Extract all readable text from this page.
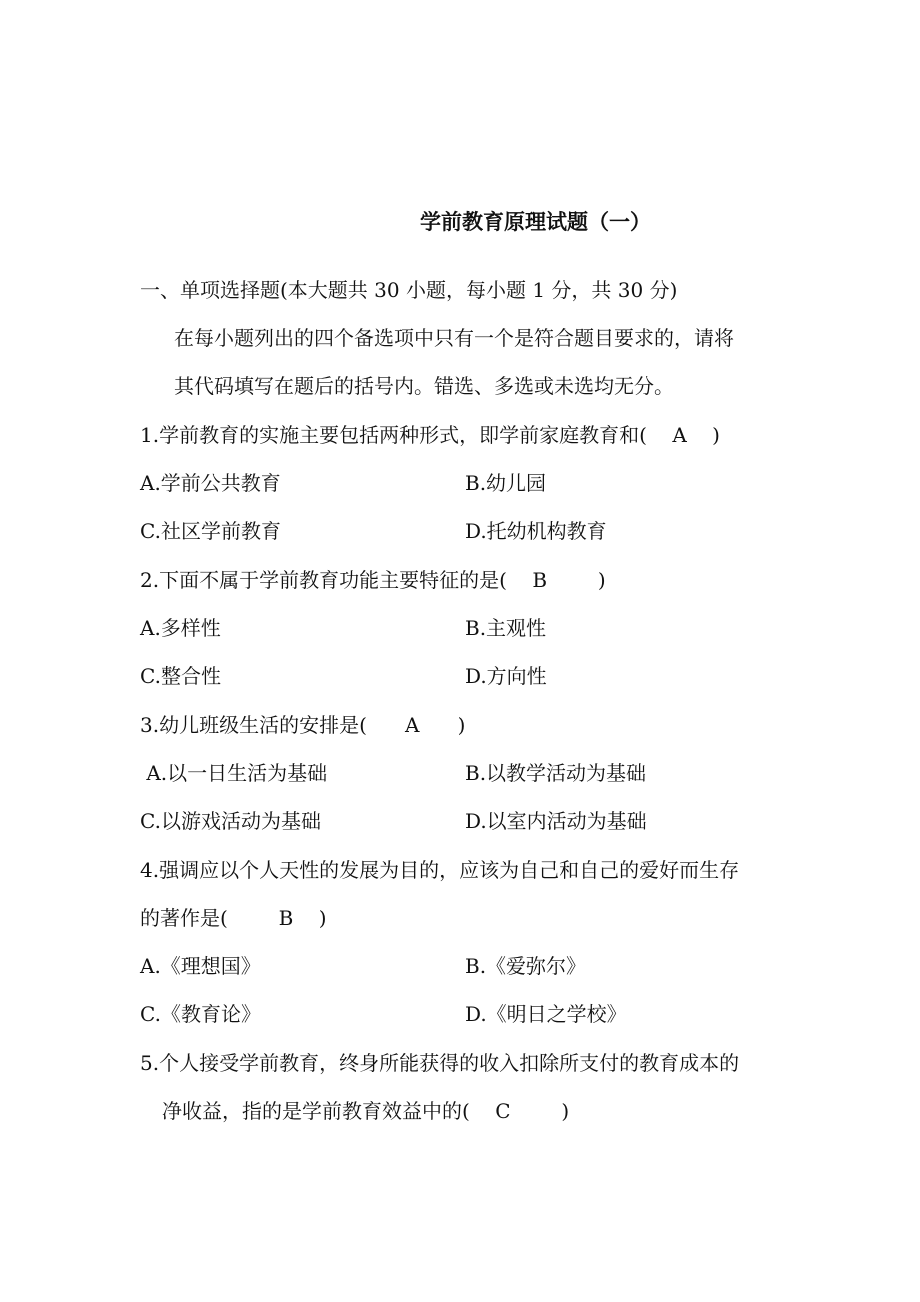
学前教育原理试题（一）
一、单项选择题(本大题共 30 小题，每小题 1 分，共 30 分)
在每小题列出的四个备选项中只有一个是符合题目要求的，请将
其代码填写在题后的括号内。错选、多选或未选均无分。
1.学前教育的实施主要包括两种形式，即学前家庭教育和(    A    )
A.学前公共教育	B.幼儿园
C.社区学前教育	D.托幼机构教育
2.下面不属于学前教育功能主要特征的是(    B        )
A.多样性	B.主观性
C.整合性	D.方向性
3.幼儿班级生活的安排是(      A      )
A.以一日生活为基础	B.以教学活动为基础
C.以游戏活动为基础	D.以室内活动为基础
4.强调应以个人天性的发展为目的，应该为自己和自己的爱好而生存
的著作是(        B    )
A.《理想国》	B.《爱弥尔》
C.《教育论》	D.《明日之学校》
5.个人接受学前教育，终身所能获得的收入扣除所支付的教育成本的
净收益，指的是学前教育效益中的(    C        )
